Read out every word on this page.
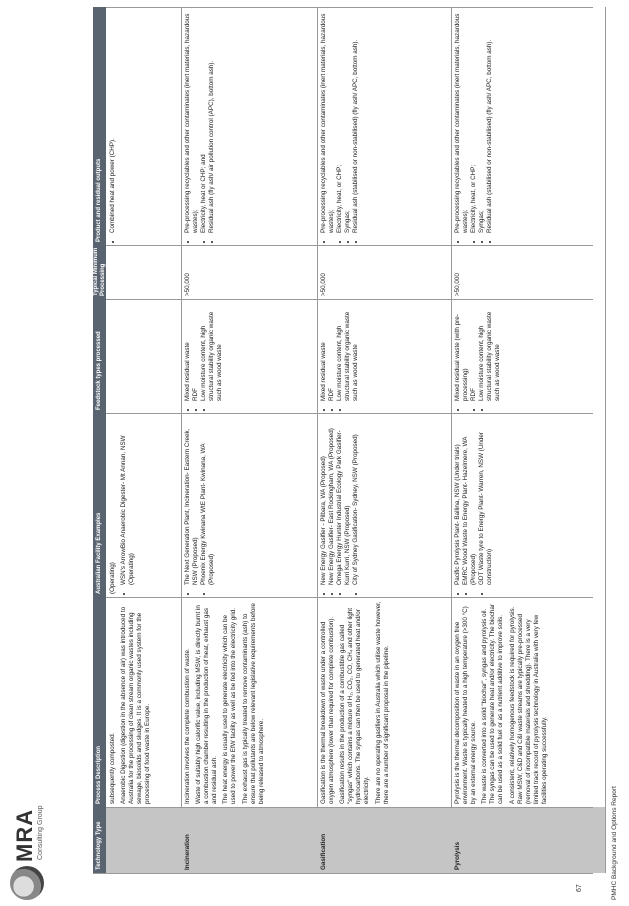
MRA Consulting Group	Technology Type
Process Description
Australian Facility Examples
Feedstock types processed
Typical Minimum Processing
Product and residual outputs

subsequently composted. Anaerobic Digestion (digestion in the absence of air) was introduced to Australia for the processing of clean stream organic wastes including sewage, biosolids and sludges. It is a commonly used system for the processing of food waste in Europe.

(Operating) • WSN's ArrowBio Anaerobic Digester- Mt Annan, NSW (Operating)
• Combined heat and power (CHP).
Incineration

Incineration involves the complete combustion of waste. Waste of suitably high calorific value, including MSW, is directly burnt in a combustion chamber resulting in the production of heat, exhaust gas and residual ash. The heat energy is usually used to generate electricity which can be used to power the EfW facility as well as be fed into the electricity grid. The exhaust gas is typically treated to remove contaminants (ash) to ensure that pollutants are below relevant legislative requirements before being released to atmosphere.

• The Next Generation Plant, Incineration- Eastern Creek, NSW (Proposed) • Phoenix Energy Kwinana WtE Plant- Kwinana, WA (Proposed)
• Mixed residual waste • RDF • Low moisture content, high structural stability organic waste such as wood waste
>50,000
• Pre-processing recyclables and other contaminates (inert materials, hazardous wastes); • Electricity, heat or CHP; and • Residual ash (fly ash/ air pollution control (APC), bottom ash).
Gasification

Gasification is the thermal breakdown of waste under a controlled oxygen atmosphere (lower than required for complete combustion). Gasification results in the production of a combustible gas called "syngas" which contains a mixture of H₂, CO₂, CO, CH₄ and other light hydrocarbons. The syngas can then be used to generated heat and/or electricity. There are no operating gasifiers in Australia which utilise waste however, there are a number of significant proposal in the pipeline.

• New Energy Gasifier - Pilbara, WA (Proposed) • New Energy Gasifier- East Rockingham, WA (Proposed) • Omega Energy Hunter Industrial Ecology Park Gasifier- Kurri Kurri, NSW (Proposed) • City of Sydney Gasification- Sydney, NSW (Proposed)
• Mixed residual waste • RDF • Low moisture content, high structural stability organic waste such as wood waste
>50,000
• Pre-processing recyclables and other contaminates (inert materials, hazardous wastes); • Electricity, heat, or CHP; • Syngas; • Residual ash (stabilised or non-stabilised) (fly ash/ APC, bottom ash).
Pyrolysis

Pyrolysis is the thermal decomposition of waste in an oxygen free environment. Waste is typically heated to a high temperature (>300 °C) by an external energy source. The waste is converted into a solid "biochar", syngas and pyrolysis oil. The syngas can be used to generate heat and/or electricity. The biochar can be used as a solid fuel or as a nutrient additive to improve soils. A consistent, relatively homogenous feedstock is required for pyrolysis. Raw MSW, C&D and C&I waste streams are typically pre-processed (removal of incompatible materials and shredding). There is a very limited track record of pyrolysis technology in Australia with very few facilities operating successfully.

• Pacific Pyrolysis Plant- Ballina, NSW (Under trials) • EMRC Wood Waste to Energy Plant- Hazelmere, WA (Proposed) • GDT Waste tyre to Energy Plant- Warren, NSW (Under construction)
• Mixed residual waste (with pre-processing) • RDF • Low moisture content, high structural stability organic waste such as wood waste
>50,000
• Pre-processing recyclables and other contaminates (inert materials, hazardous wastes); • Electricity, heat, or CHP; • Syngas; • Residual ash (stabilised or non-stabilised) (fly ash/ APC, bottom ash).
67	PMHC Background and Options Report
